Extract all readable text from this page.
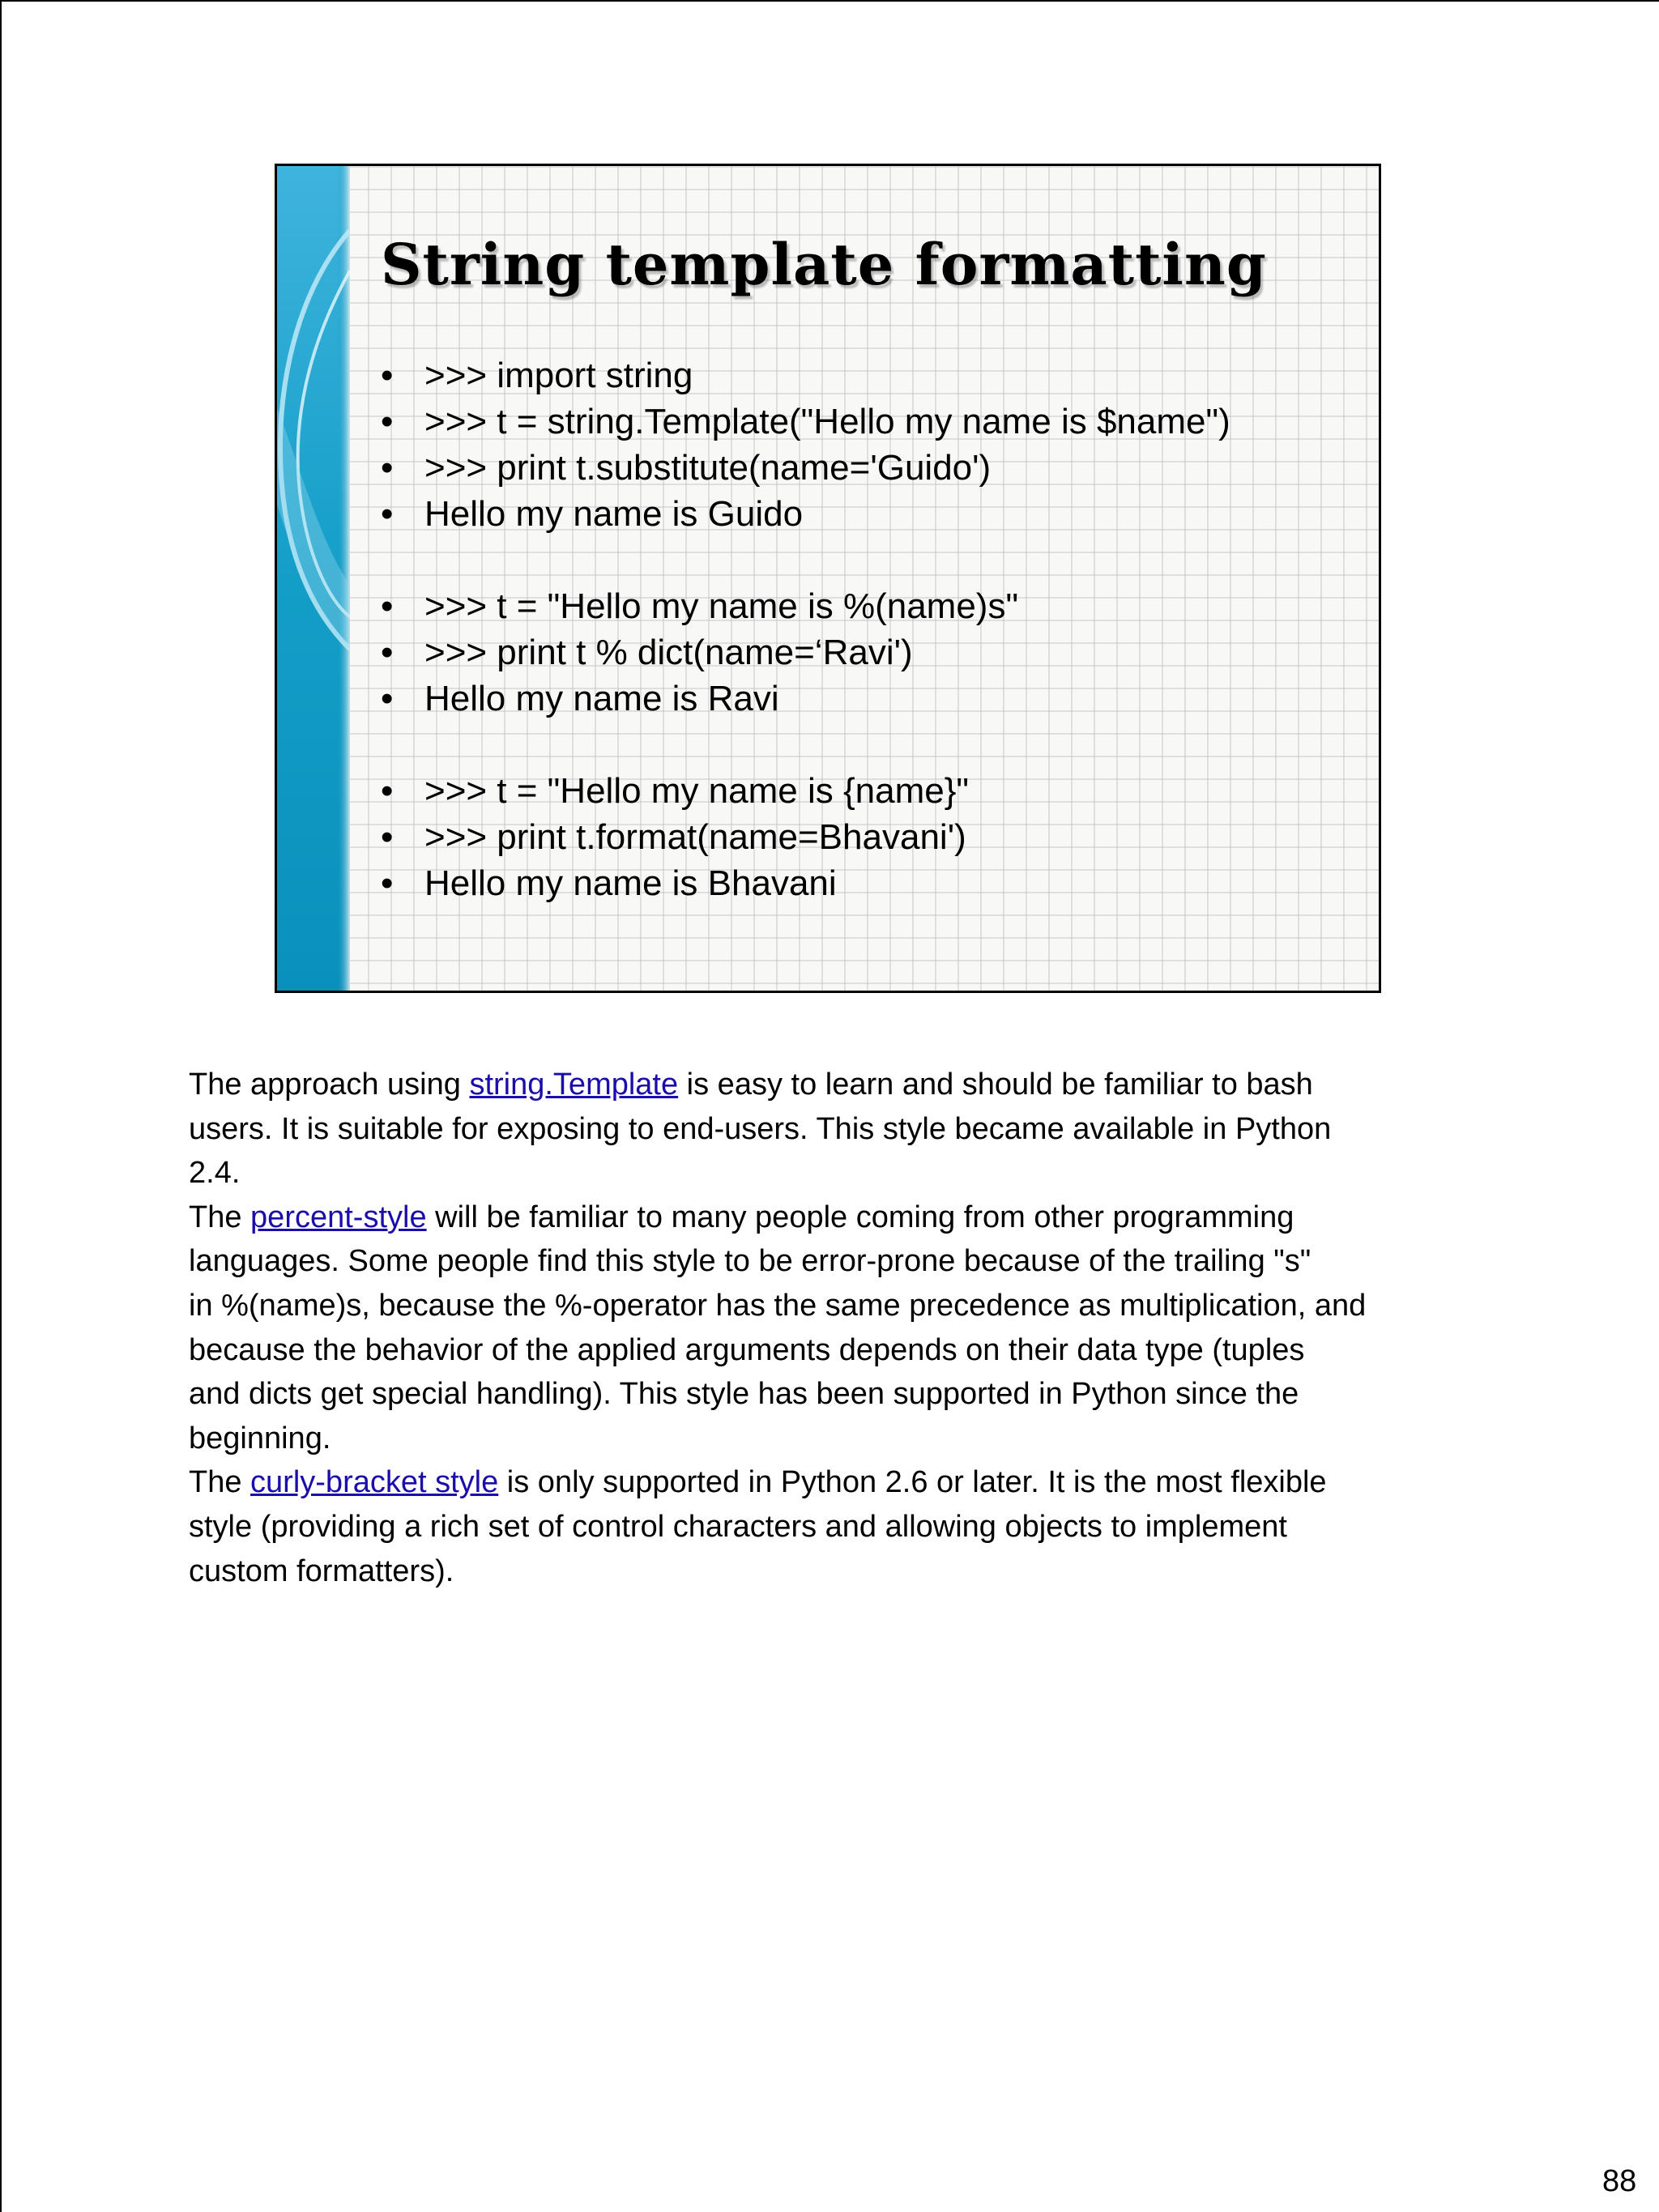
String template formatting
• >>> import string
• >>> t = string.Template("Hello my name is $name")
• >>> print t.substitute(name='Guido')
• Hello my name is Guido
• >>> t = "Hello my name is %(name)s"
• >>> print t % dict(name=‘Ravi')
• Hello my name is Ravi
• >>> t = "Hello my name is {name}"
• >>> print t.format(name=Bhavani')
• Hello my name is Bhavani
The approach using string.Template is easy to learn and should be familiar to bash
users. It is suitable for exposing to end-users. This style became available in Python
2.4.
The percent-style will be familiar to many people coming from other programming
languages. Some people find this style to be error-prone because of the trailing "s"
in %(name)s, because the %-operator has the same precedence as multiplication, and
because the behavior of the applied arguments depends on their data type (tuples
and dicts get special handling). This style has been supported in Python since the
beginning.
The curly-bracket style is only supported in Python 2.6 or later. It is the most flexible
style (providing a rich set of control characters and allowing objects to implement
custom formatters).
88
